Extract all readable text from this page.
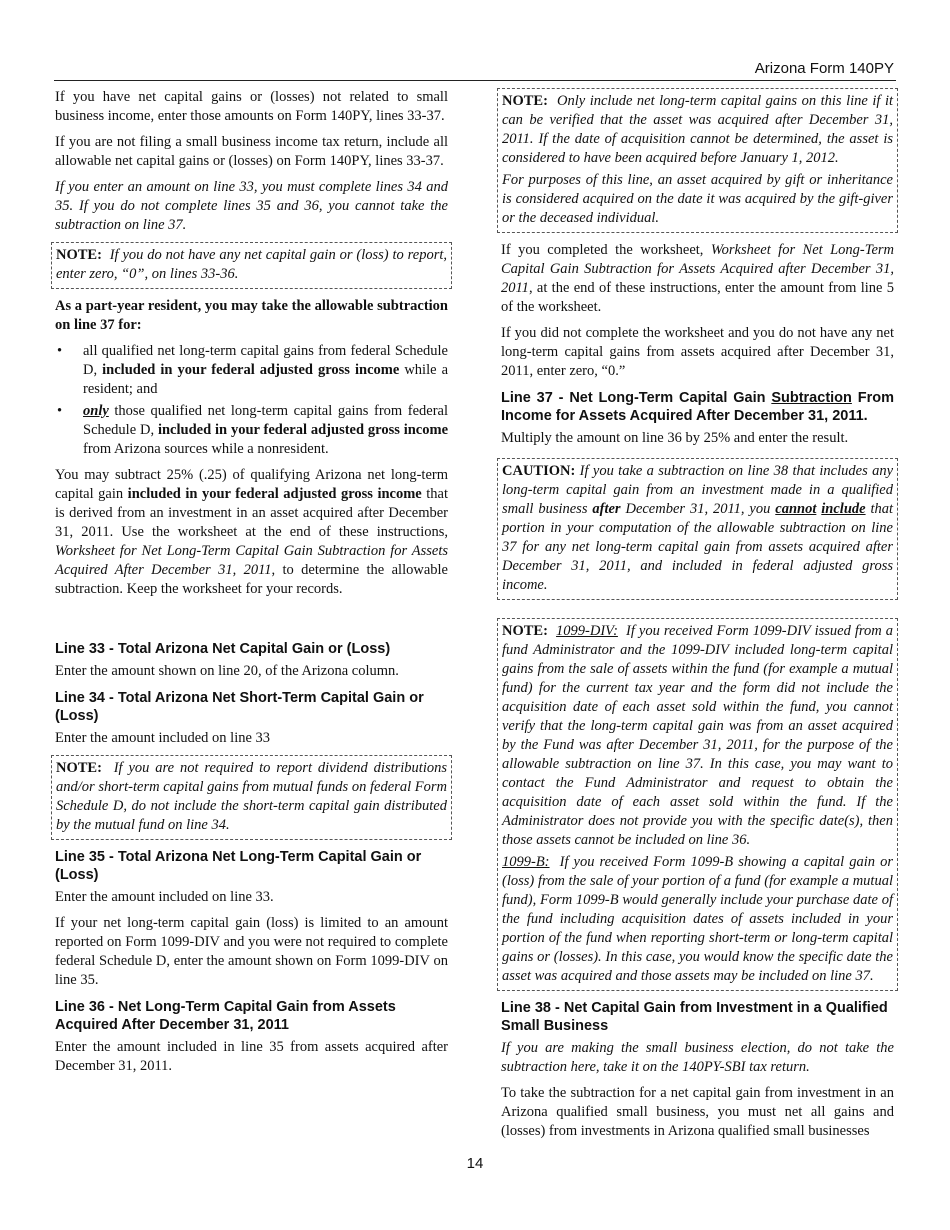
Arizona Form 140PY

If you have net capital gains or (losses) not related to small business income, enter those amounts on Form 140PY, lines 33-37.

If you are not filing a small business income tax return, include all allowable net capital gains or (losses) on Form 140PY, lines 33-37.

If you enter an amount on line 33, you must complete lines 34 and 35. If you do not complete lines 35 and 36, you cannot take the subtraction on line 37.

NOTE: If you do not have any net capital gain or (loss) to report, enter zero, “0”, on lines 33-36.

As a part-year resident, you may take the allowable subtraction on line 37 for:

• all qualified net long-term capital gains from federal Schedule D, included in your federal adjusted gross income while a resident; and
• only those qualified net long-term capital gains from federal Schedule D, included in your federal adjusted gross income from Arizona sources while a nonresident.

You may subtract 25% (.25) of qualifying Arizona net long-term capital gain included in your federal adjusted gross income that is derived from an investment in an asset acquired after December 31, 2011. Use the worksheet at the end of these instructions, Worksheet for Net Long-Term Capital Gain Subtraction for Assets Acquired After December 31, 2011, to determine the allowable subtraction. Keep the worksheet for your records.

Line 33 - Total Arizona Net Capital Gain or (Loss)

Enter the amount shown on line 20, of the Arizona column.

Line 34 - Total Arizona Net Short-Term Capital Gain or (Loss)

Enter the amount included on line 33

NOTE: If you are not required to report dividend distributions and/or short-term capital gains from mutual funds on federal Form Schedule D, do not include the short-term capital gain distributed by the mutual fund on line 34.

Line 35 - Total Arizona Net Long-Term Capital Gain or (Loss)

Enter the amount included on line 33.

If your net long-term capital gain (loss) is limited to an amount reported on Form 1099-DIV and you were not required to complete federal Schedule D, enter the amount shown on Form 1099-DIV on line 35.

Line 36 - Net Long-Term Capital Gain from Assets Acquired After December 31, 2011

Enter the amount included in line 35 from assets acquired after December 31, 2011.

NOTE: Only include net long-term capital gains on this line if it can be verified that the asset was acquired after December 31, 2011. If the date of acquisition cannot be determined, the asset is considered to have been acquired before January 1, 2012.

For purposes of this line, an asset acquired by gift or inheritance is considered acquired on the date it was acquired by the gift-giver or the deceased individual.

If you completed the worksheet, Worksheet for Net Long-Term Capital Gain Subtraction for Assets Acquired after December 31, 2011, at the end of these instructions, enter the amount from line 5 of the worksheet.

If you did not complete the worksheet and you do not have any net long-term capital gains from assets acquired after December 31, 2011, enter zero, “0.”

Line 37 - Net Long-Term Capital Gain Subtraction From Income for Assets Acquired After December 31, 2011.

Multiply the amount on line 36 by 25% and enter the result.

CAUTION: If you take a subtraction on line 38 that includes any long-term capital gain from an investment made in a qualified small business after December 31, 2011, you cannot include that portion in your computation of the allowable subtraction on line 37 for any net long-term capital gain from assets acquired after December 31, 2011, and included in federal adjusted gross income.

NOTE: 1099-DIV: If you received Form 1099-DIV issued from a fund Administrator and the 1099-DIV included long-term capital gains from the sale of assets within the fund (for example a mutual fund) for the current tax year and the form did not include the acquisition date of each asset sold within the fund, you cannot verify that the long-term capital gain was from an asset acquired by the Fund was after December 31, 2011, for the purpose of the allowable subtraction on line 37. In this case, you may want to contact the Fund Administrator and request to obtain the acquisition date of each asset sold within the fund. If the Administrator does not provide you with the specific date(s), then those assets cannot be included on line 36.

1099-B: If you received Form 1099-B showing a capital gain or (loss) from the sale of your portion of a fund (for example a mutual fund), Form 1099-B would generally include your purchase date of the fund including acquisition dates of assets included in your portion of the fund when reporting short-term or long-term capital gains or (losses). In this case, you would know the specific date the asset was acquired and those assets may be included on line 37.

Line 38 - Net Capital Gain from Investment in a Qualified Small Business

If you are making the small business election, do not take the subtraction here, take it on the 140PY-SBI tax return.

To take the subtraction for a net capital gain from investment in an Arizona qualified small business, you must net all gains and (losses) from investments in Arizona qualified small businesses

14
